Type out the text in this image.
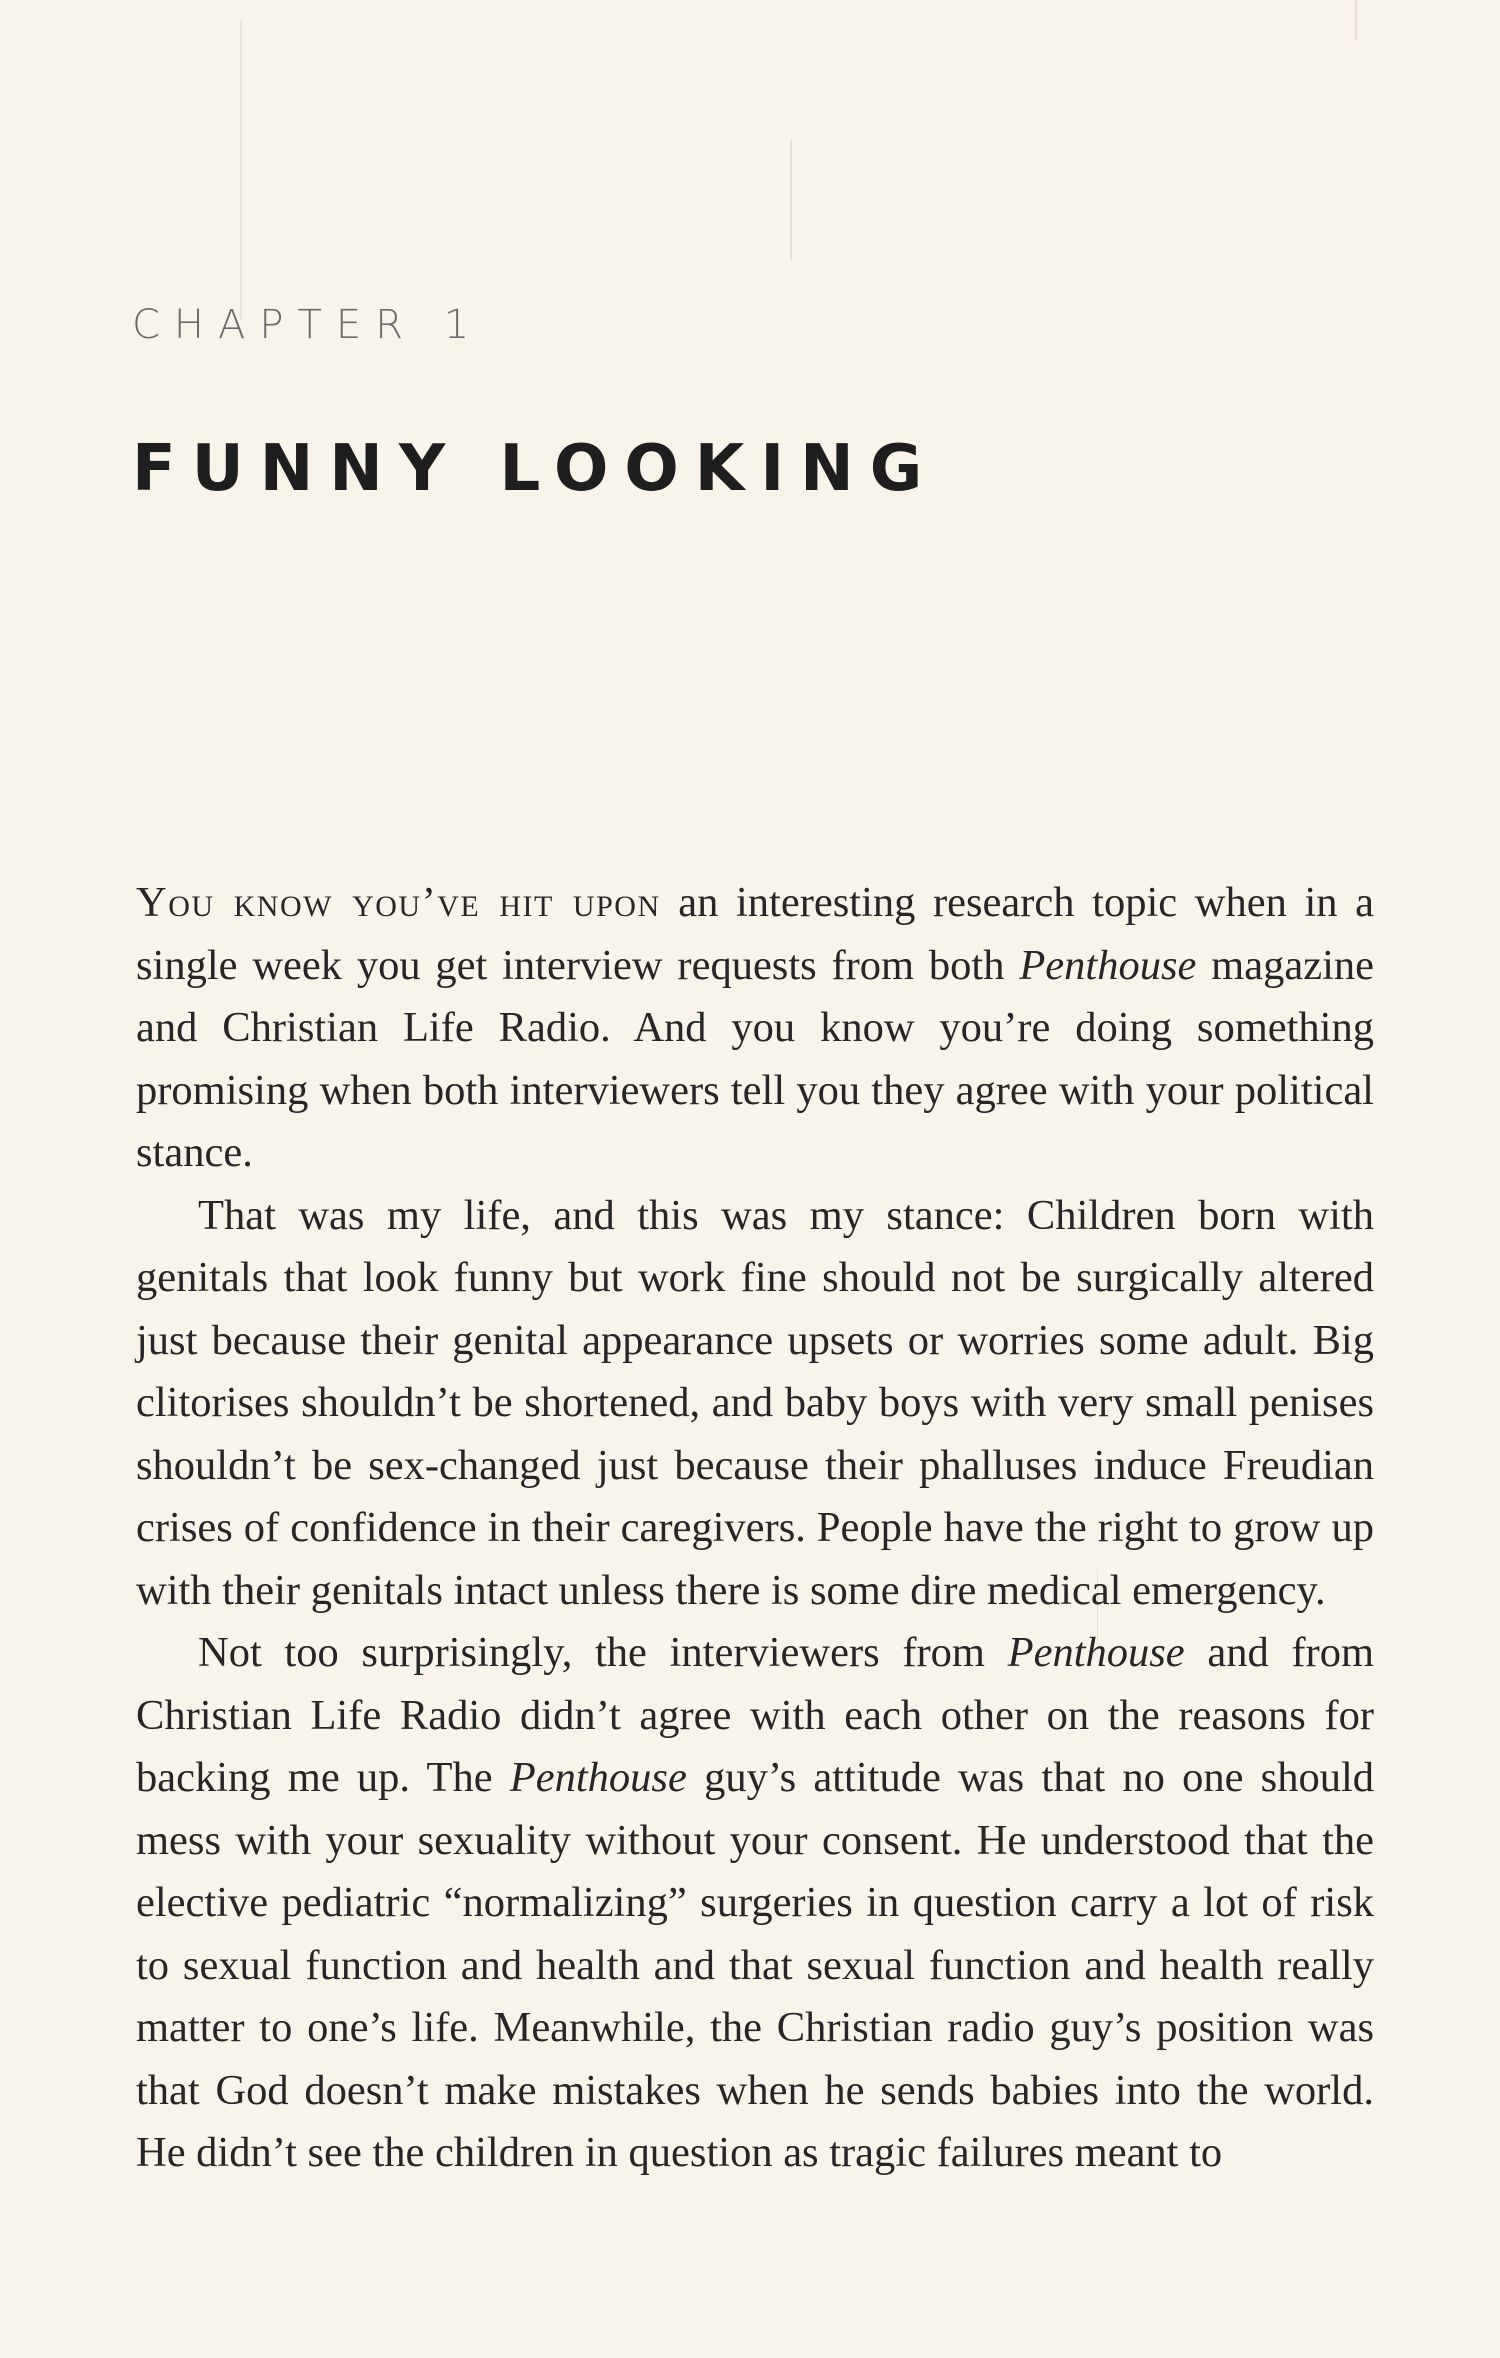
CHAPTER 1
FUNNY LOOKING

You know you’ve hit upon an interesting research topic when in a single week you get interview requests from both Penthouse magazine and Christian Life Radio. And you know you’re doing something promising when both interviewers tell you they agree with your political stance.

That was my life, and this was my stance: Children born with genitals that look funny but work fine should not be surgically altered just because their genital appearance upsets or worries some adult. Big clitorises shouldn’t be shortened, and baby boys with very small penises shouldn’t be sex-changed just because their phalluses induce Freudian crises of confidence in their caregivers. People have the right to grow up with their genitals intact unless there is some dire medical emergency.

Not too surprisingly, the interviewers from Penthouse and from Christian Life Radio didn’t agree with each other on the reasons for backing me up. The Penthouse guy’s attitude was that no one should mess with your sexuality without your consent. He understood that the elective pediatric “normalizing” surgeries in question carry a lot of risk to sexual function and health and that sexual function and health really matter to one’s life. Meanwhile, the Christian radio guy’s position was that God doesn’t make mistakes when he sends babies into the world. He didn’t see the children in question as tragic failures meant to
